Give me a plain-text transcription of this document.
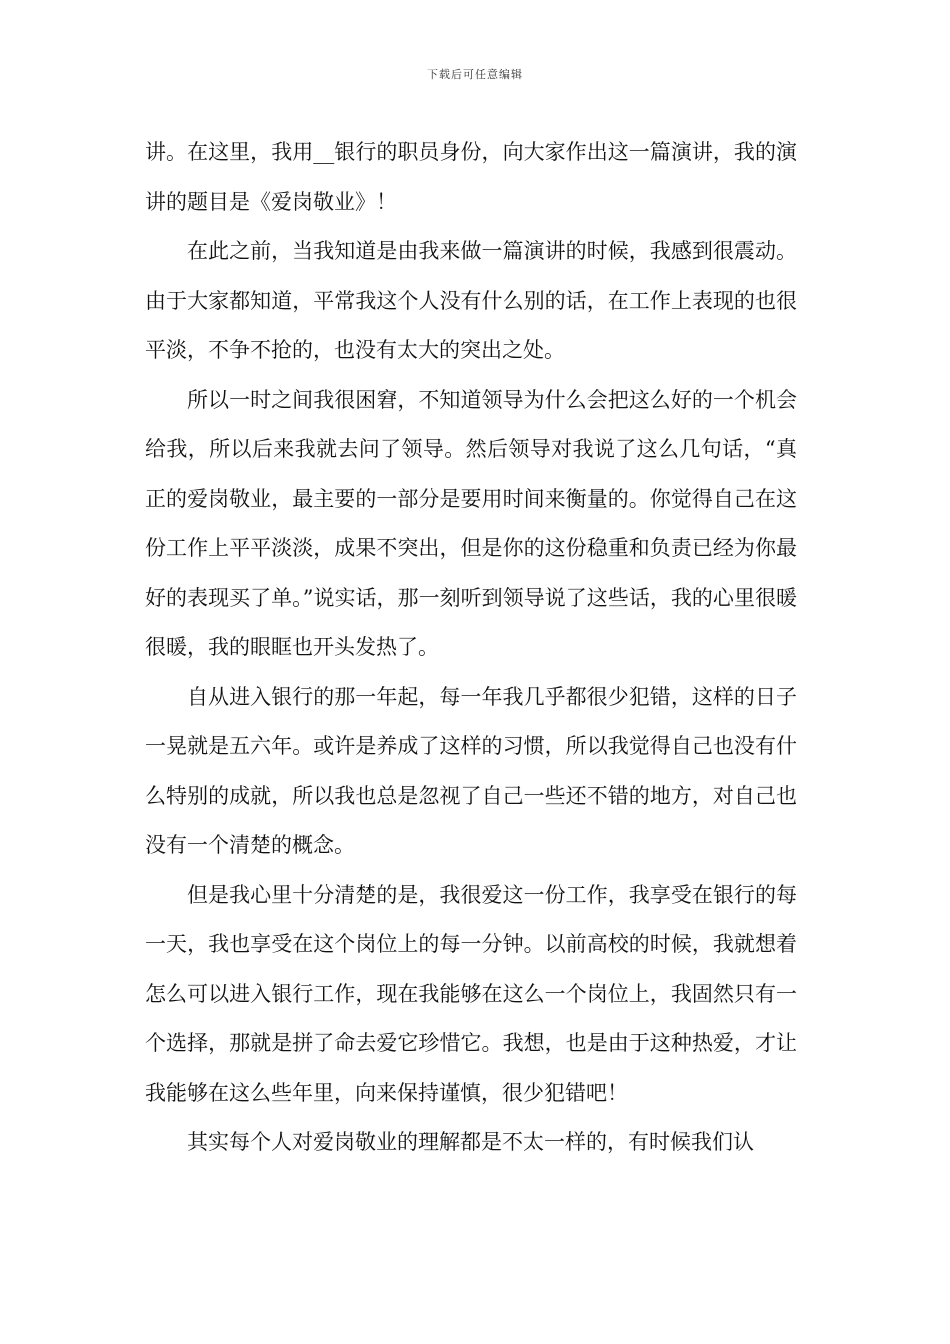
下载后可任意编辑

讲。在这里，我用__银行的职员身份，向大家作出这一篇演讲，我的演讲的题目是《爱岗敬业》！

在此之前，当我知道是由我来做一篇演讲的时候，我感到很震动。由于大家都知道，平常我这个人没有什么别的话，在工作上表现的也很平淡，不争不抢的，也没有太大的突出之处。

所以一时之间我很困窘，不知道领导为什么会把这么好的一个机会给我，所以后来我就去问了领导。然后领导对我说了这么几句话，“真正的爱岗敬业，最主要的一部分是要用时间来衡量的。你觉得自己在这份工作上平平淡淡，成果不突出，但是你的这份稳重和负责已经为你最好的表现买了单。”说实话，那一刻听到领导说了这些话，我的心里很暖很暖，我的眼眶也开头发热了。

自从进入银行的那一年起，每一年我几乎都很少犯错，这样的日子一晃就是五六年。或许是养成了这样的习惯，所以我觉得自己也没有什么特别的成就，所以我也总是忽视了自己一些还不错的地方，对自己也没有一个清楚的概念。

但是我心里十分清楚的是，我很爱这一份工作，我享受在银行的每一天，我也享受在这个岗位上的每一分钟。以前高校的时候，我就想着怎么可以进入银行工作，现在我能够在这么一个岗位上，我固然只有一个选择，那就是拼了命去爱它珍惜它。我想，也是由于这种热爱，才让我能够在这么些年里，向来保持谨慎，很少犯错吧！

其实每个人对爱岗敬业的理解都是不太一样的，有时候我们认
